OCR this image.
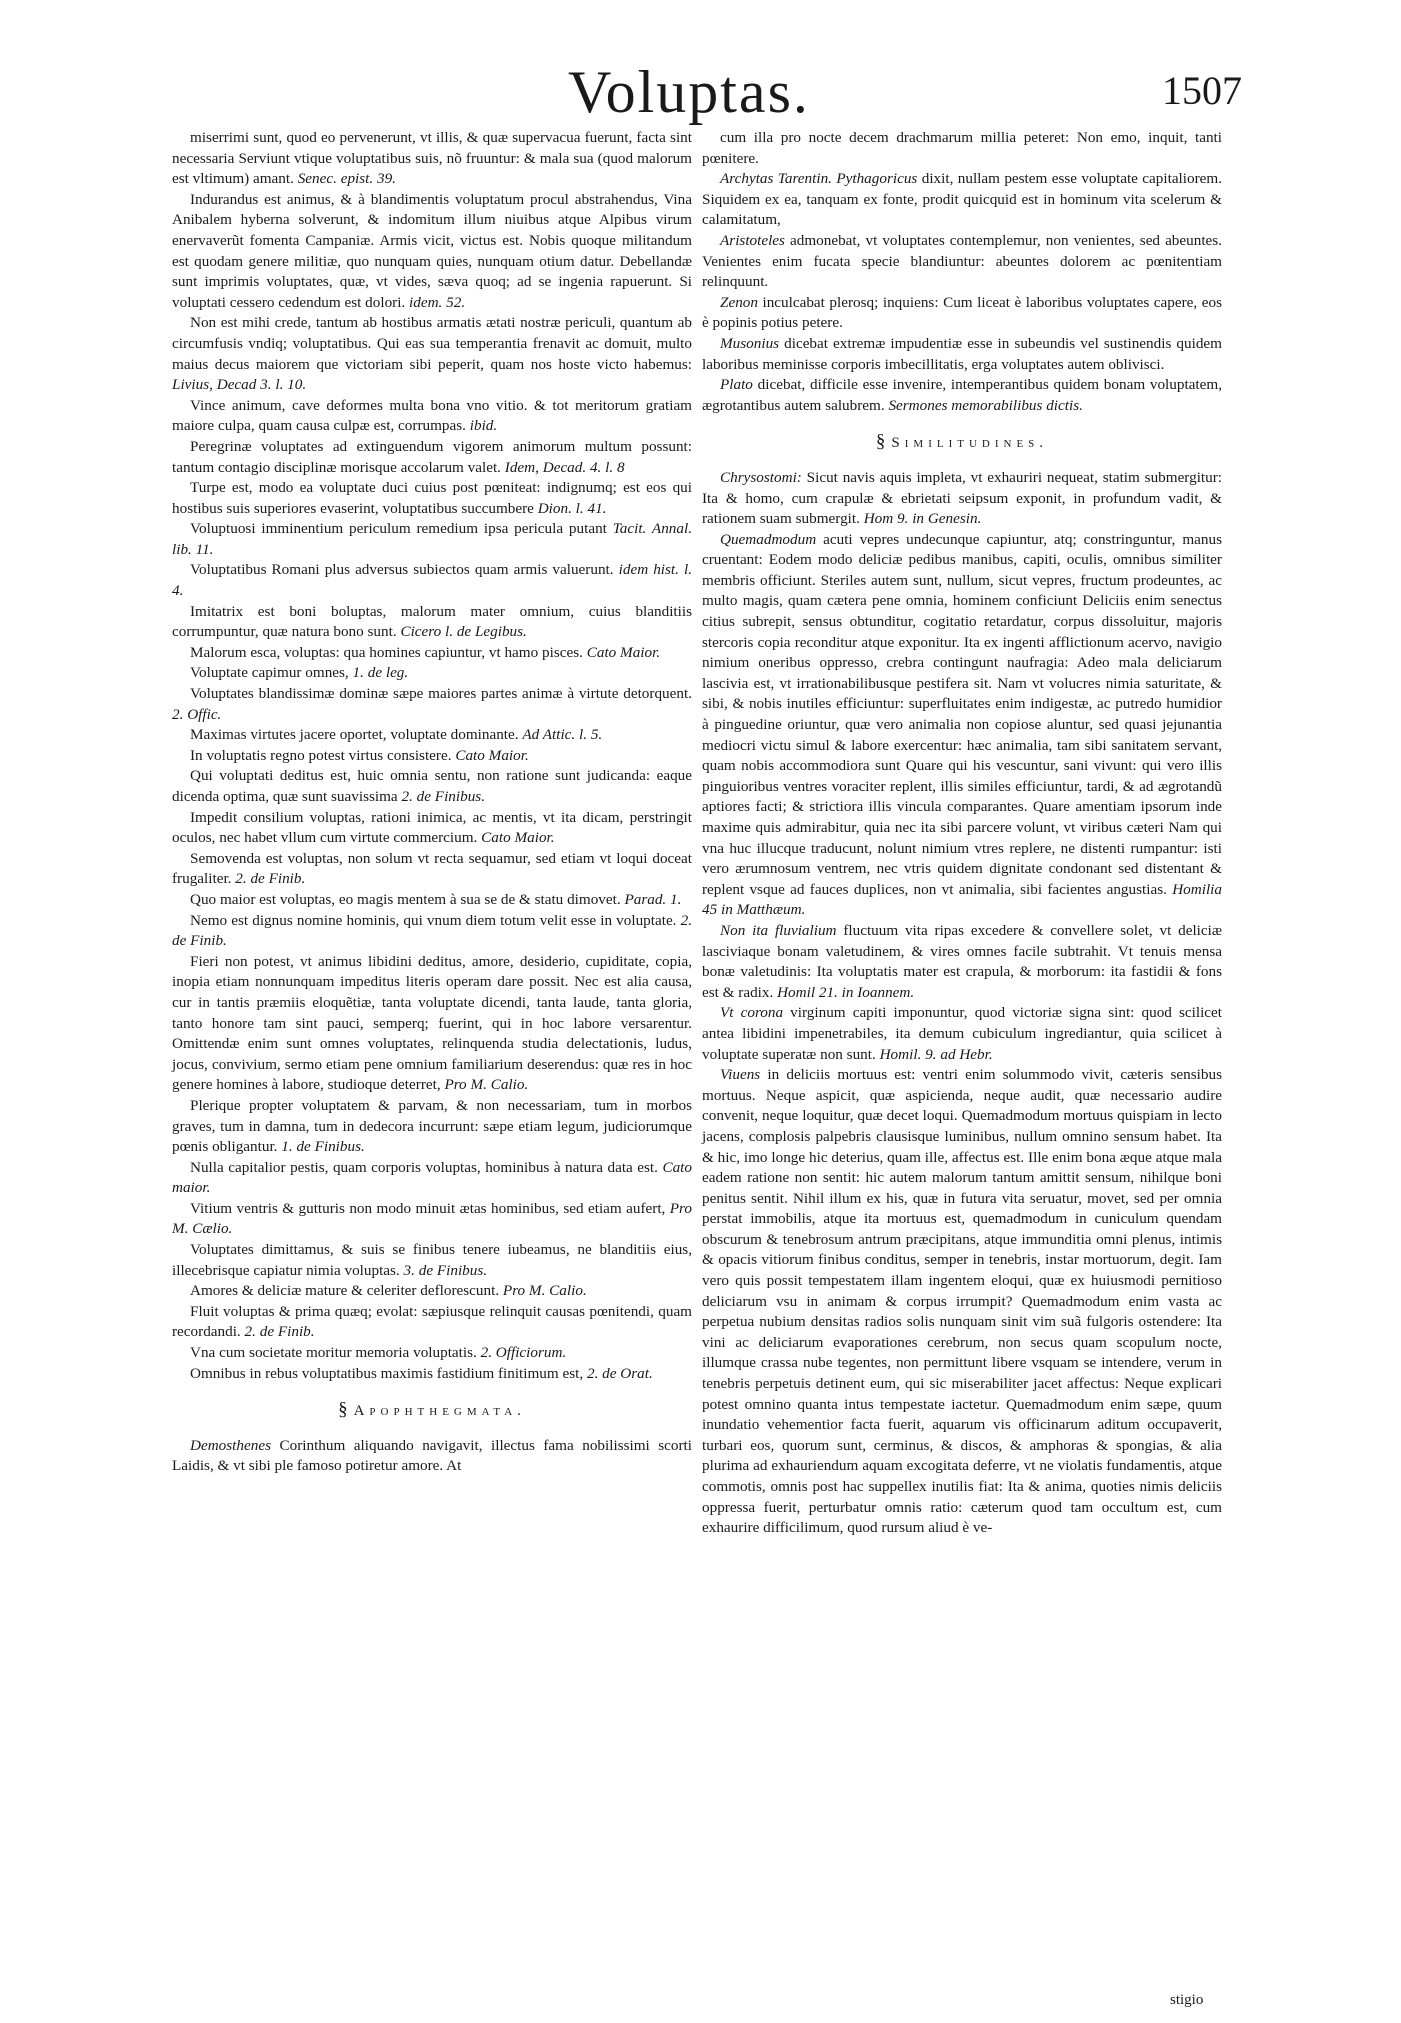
Voluptas.	1507
miserrimi sunt, quod eo pervenerunt, vt illis, & quæ supervacua fuerunt, facta sint necessaria Serviunt vtique voluptatibus suis, nõ fruuntur: & mala sua (quod malorum est vltimum) amant. Senec. epist. 39.
Indurandus est animus, & à blandimentis voluptatum procul abstrahendus, Vina Anibalem hyberna solverunt, & indomitum illum niuibus atque Alpibus virum enervaverũt fomenta Campaniæ. Armis vicit, victus est. Nobis quoque militandum est quodam genere militiæ, quo nunquam quies, nunquam otium datur. Debellandæ sunt imprimis voluptates, quæ, vt vides, sæva quoq; ad se ingenia rapuerunt. Si voluptati cessero cedendum est dolori. idem. 52.
Non est mihi crede, tantum ab hostibus armatis ætati nostræ periculi, quantum ab circumfusis vndiq; voluptatibus. Qui eas sua temperantia frenavit ac domuit, multo maius decus maiorem que victoriam sibi peperit, quam nos hoste victo habemus: Livius, Decad 3. l. 10.
Vince animum, cave deformes multa bona vno vitio. & tot meritorum gratiam maiore culpa, quam causa culpæ est, corrumpas. ibid.
Peregrinæ voluptates ad extinguendum vigorem animorum multum possunt: tantum contagio disciplinæ morisque accolarum valet. Idem, Decad. 4. l. 8
Turpe est, modo ea voluptate duci cuius post pœniteat: indignumq; est eos qui hostibus suis superiores evaserint, voluptatibus succumbere Dion. l. 41.
Voluptuosi imminentium periculum remedium ipsa pericula putant Tacit. Annal. lib. 11.
Voluptatibus Romani plus adversus subiectos quam armis valuerunt. idem hist. l. 4.
Imitatrix est boni boluptas, malorum mater omnium, cuius blanditiis corrumpuntur, quæ natura bono sunt. Cicero l. de Legibus.
Malorum esca, voluptas: qua homines capiuntur, vt hamo pisces. Cato Maior.
Voluptate capimur omnes, 1. de leg.
Voluptates blandissimæ dominæ sæpe maiores partes animæ à virtute detorquent. 2. Offic.
Maximas virtutes jacere oportet, voluptate dominante. Ad Attic. l. 5.
In voluptatis regno potest virtus consistere. Cato Maior.
Qui voluptati deditus est, huic omnia sentu, non ratione sunt judicanda: eaque dicenda optima, quæ sunt suavissima 2. de Finibus.
Impedit consilium voluptas, rationi inimica, ac mentis, vt ita dicam, perstringit oculos, nec habet vllum cum virtute commercium. Cato Maior.
Semovenda est voluptas, non solum vt recta sequamur, sed etiam vt loqui doceat frugaliter. 2. de Finib.
Quo maior est voluptas, eo magis mentem à sua se de & statu dimovet. Parad. 1.
Nemo est dignus nomine hominis, qui vnum diem totum velit esse in voluptate. 2. de Finib.
Fieri non potest, vt animus libidini deditus, amore, desiderio, cupiditate, copia, inopia etiam nonnunquam impeditus literis operam dare possit. Nec est alia causa, cur in tantis præmiis eloquẽtiæ, tanta voluptate dicendi, tanta laude, tanta gloria, tanto honore tam sint pauci, semperq; fuerint, qui in hoc labore versarentur. Omittendæ enim sunt omnes voluptates, relinquenda studia delectationis, ludus, jocus, convivium, sermo etiam pene omnium familiarium deserendus: quæ res in hoc genere homines à labore, studioque deterret, Pro M. Calio.
Plerique propter voluptatem & parvam, & non necessariam, tum in morbos graves, tum in damna, tum in dedecora incurrunt: sæpe etiam legum, judiciorumque pœnis obligantur. 1. de Finibus.
Nulla capitalior pestis, quam corporis voluptas, hominibus à natura data est. Cato maior.
Vitium ventris & gutturis non modo minuit ætas hominibus, sed etiam aufert, Pro M. Cælio.
Voluptates dimittamus, & suis se finibus tenere iubeamus, ne blanditiis eius, illecebrisque capiatur nimia voluptas. 3. de Finibus.
Amores & deliciæ mature & celeriter deflorescunt. Pro M. Calio.
Fluit voluptas & prima quæq; evolat: sæpiusque relinquit causas pœnitendi, quam recordandi. 2. de Finib.
Vna cum societate moritur memoria voluptatis. 2. Officiorum.
Omnibus in rebus voluptatibus maximis fastidium finitimum est, 2. de Orat.
§ Apophthegmata.
Demosthenes Corinthum aliquando navigavit, illectus fama nobilissimi scorti Laidis, & vt sibi ple famoso potiretur amore. At
cum illa pro nocte decem drachmarum millia peteret: Non emo, inquit, tanti pœnitere.
Archytas Tarentin. Pythagoricus dixit, nullam pestem esse voluptate capitaliorem. Siquidem ex ea, tanquam ex fonte, prodit quicquid est in hominum vita scelerum & calamitatum,
Aristoteles admonebat, vt voluptates contemplemur, non venientes, sed abeuntes. Venientes enim fucata specie blandiuntur: abeuntes dolorem ac pœnitentiam relinquunt.
Zenon inculcabat plerosq; inquiens: Cum liceat è laboribus voluptates capere, eos è popinis potius petere.
Musonius dicebat extremæ impudentiæ esse in subeundis vel sustinendis quidem laboribus meminisse corporis imbecillitatis, erga voluptates autem oblivisci.
Plato dicebat, difficile esse invenire, intemperantibus quidem bonam voluptatem, ægrotantibus autem salubrem. Sermones memorabilibus dictis.
§ Similitudines.
Chrysostomi: Sicut navis aquis impleta, vt exhauriri nequeat, statim submergitur: Ita & homo, cum crapulæ & ebrietati seipsum exponit, in profundum vadit, & rationem suam submergit. Hom 9. in Genesin.
Quemadmodum acuti vepres undecunque capiuntur, atq; constringuntur, manus cruentant: Eodem modo deliciæ pedibus manibus, capiti, oculis, omnibus similiter membris officiunt. Steriles autem sunt, nullum, sicut vepres, fructum prodeuntes, ac multo magis, quam cætera pene omnia, hominem conficiunt Deliciis enim senectus citius subrepit, sensus obtunditur, cogitatio retardatur, corpus dissoluitur, majoris stercoris copia reconditur atque exponitur. Ita ex ingenti afflictionum acervo, navigio nimium oneribus oppresso, crebra contingunt naufragia: Adeo mala deliciarum lascivia est, vt irrationabilibusque pestifera sit. Nam vt volucres nimia saturitate, & sibi, & nobis inutiles efficiuntur: superfluitates enim indigestæ, ac putredo humidior à pinguedine oriuntur, quæ vero animalia non copiose aluntur, sed quasi jejunantia mediocri victu simul & labore exercentur: hæc animalia, tam sibi sanitatem servant, quam nobis accommodiora sunt Quare qui his vescuntur, sani vivunt: qui vero illis pinguioribus ventres voraciter replent, illis similes efficiuntur, tardi, & ad ægrotandũ aptiores facti; & strictiora illis vincula comparantes. Quare amentiam ipsorum inde maxime quis admirabitur, quia nec ita sibi parcere volunt, vt viribus cæteri Nam qui vna huc illucque traducunt, nolunt nimium vtres replere, ne distenti rumpantur: isti vero ærumnosum ventrem, nec vtris quidem dignitate condonant sed distentant & replent vsque ad fauces duplices, non vt animalia, sibi facientes angustias. Homilia 45 in Matthæum.
Non ita fluvialium fluctuum vita ripas excedere & convellere solet, vt deliciæ lasciviaque bonam valetudinem, & vires omnes facile subtrahit. Vt tenuis mensa bonæ valetudinis: Ita voluptatis mater est crapula, & morborum: ita fastidii & fons est & radix. Homil 21. in Ioannem.
Vt corona virginum capiti imponuntur, quod victoriæ signa sint: quod scilicet antea libidini impenetrabiles, ita demum cubiculum ingrediantur, quia scilicet à voluptate superatæ non sunt. Homil. 9. ad Hebr.
Viuens in deliciis mortuus est: ventri enim solummodo vivit, cæteris sensibus mortuus. Neque aspicit, quæ aspicienda, neque audit, quæ necessario audire convenit, neque loquitur, quæ decet loqui. Quemadmodum mortuus quispiam in lecto jacens, complosis palpebris clausisque luminibus, nullum omnino sensum habet. Ita & hic, imo longe hic deterius, quam ille, affectus est. Ille enim bona æque atque mala eadem ratione non sentit: hic autem malorum tantum amittit sensum, nihilque boni penitus sentit. Nihil illum ex his, quæ in futura vita seruatur, movet, sed per omnia perstat immobilis, atque ita mortuus est, quemadmodum in cuniculum quendam obscurum & tenebrosum antrum præcipitans, atque immunditia omni plenus, intimis & opacis vitiorum finibus conditus, semper in tenebris, instar mortuorum, degit. Iam vero quis possit tempestatem illam ingentem eloqui, quæ ex huiusmodi pernitioso deliciarum vsu in animam & corpus irrumpit? Quemadmodum enim vasta ac perpetua nubium densitas radios solis nunquam sinit vim suã fulgoris ostendere: Ita vini ac deliciarum evaporationes cerebrum, non secus quam scopulum nocte, illumque crassa nube tegentes, non permittunt libere vsquam se intendere, verum in tenebris perpetuis detinent eum, qui sic miserabiliter jacet affectus: Neque explicari potest omnino quanta intus tempestate iactetur. Quemadmodum enim sæpe, quum inundatio vehementior facta fuerit, aquarum vis officinarum aditum occupaverit, turbari eos, quorum sunt, cerminus, & discos, & amphoras & spongias, & alia plurima ad exhauriendum aquam excogitata deferre, vt ne violatis fundamentis, atque commotis, omnis post hac suppellex inutilis fiat: Ita & anima, quoties nimis deliciis oppressa fuerit, perturbatur omnis ratio: cæterum quod tam occultum est, cum exhaurire difficilimum, quod rursum aliud è ve-
stigio
